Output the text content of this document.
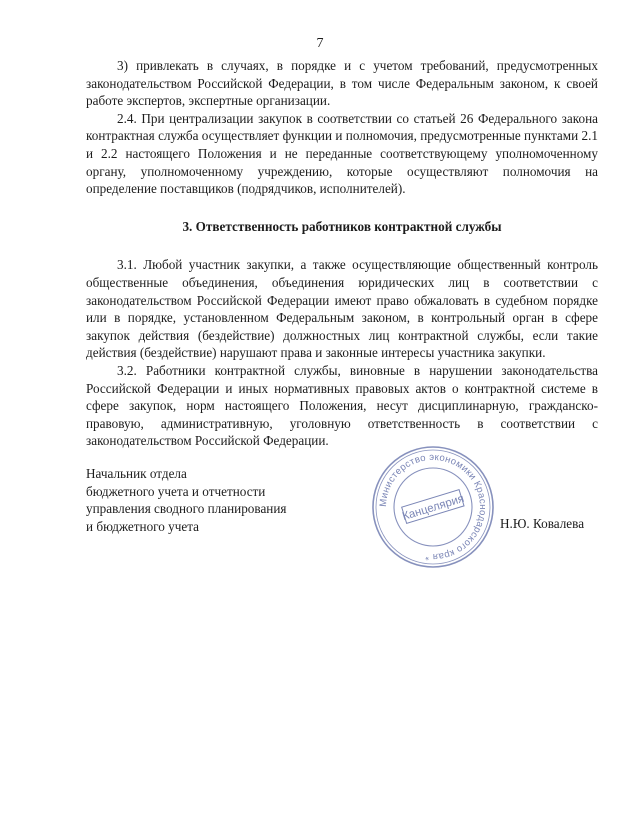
7

3) привлекать в случаях, в порядке и с учетом требований, предусмотренных законодательством Российской Федерации, в том числе Федеральным законом, к своей работе экспертов, экспертные организации.

2.4. При централизации закупок в соответствии со статьей 26 Федерального закона контрактная служба осуществляет функции и полномочия, предусмотренные пунктами 2.1 и 2.2 настоящего Положения и не переданные соответствующему уполномоченному органу, уполномоченному учреждению, которые осуществляют полномочия на определение поставщиков (подрядчиков, исполнителей).

3. Ответственность работников контрактной службы

3.1. Любой участник закупки, а также осуществляющие общественный контроль общественные объединения, объединения юридических лиц в соответствии с законодательством Российской Федерации имеют право обжаловать в судебном порядке или в порядке, установленном Федеральным законом, в контрольный орган в сфере закупок действия (бездействие) должностных лиц контрактной службы, если такие действия (бездействие) нарушают права и законные интересы участника закупки.

3.2. Работники контрактной службы, виновные в нарушении законодательства Российской Федерации и иных нормативных правовых актов о контрактной системе в сфере закупок, норм настоящего Положения, несут дисциплинарную, гражданско-правовую, административную, уголовную ответственность в соответствии с законодательством Российской Федерации.

Начальник отдела
бюджетного учета и отчетности
управления сводного планирования
и бюджетного учета
Министерство экономики Краснодарского края *
Канцелярия
Н.Ю. Ковалева
